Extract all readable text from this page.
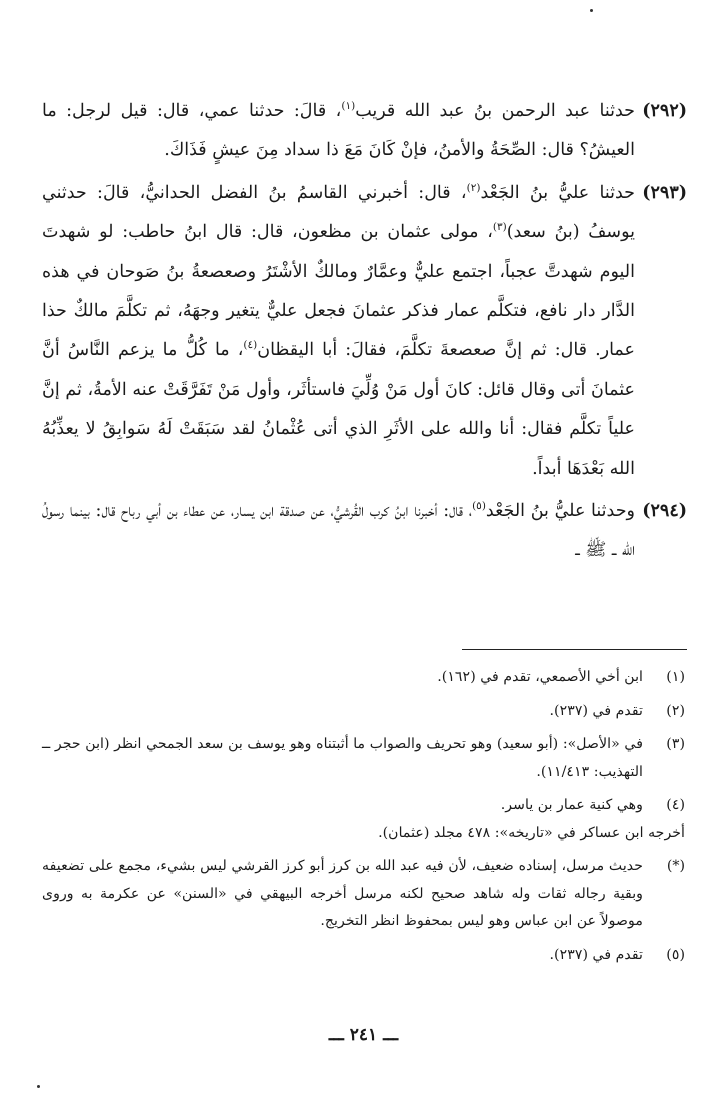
(٢٩٢)
حدثنا عبد الرحمن بنُ عبد الله قريب$^{(١)}$، قالَ: حدثنا عمي، قال: قيل لرجل: ما العيشُ؟ قال: الصِّحَةُ والأمنُ، فإنْ كَانَ مَعَ ذا سداد مِنَ عيشٍ فَذَاكَ.

(٢٩٣)
حدثنا عليُّ بنُ الجَعْد$^{(٢)}$، قال: أخبرني القاسمُ بنُ الفضل الحدانيُّ، قالَ: حدثني يوسفُ (بنُ سعد)$^{(٣)}$، مولى عثمان بن مظعون، قال: قال ابنُ حاطب: لو شهدتَ اليوم شهدتَّ عجباً، اجتمع عليٌّ وعمَّارٌ ومالكٌ الأشْتَرُ وصعصعةُ بنُ صَوحان في هذه الدَّار دار نافع، فتكلَّم عمار فذكر عثمانَ فجعل عليٌّ يتغير وجهَهُ، ثم تكلَّمَ مالكٌ حذا عمار. قال: ثم إنَّ صعصعةَ تكلَّمَ، فقالَ: أبا اليقظان$^{(٤)}$، ما كُلُّ ما يزعم النَّاسُ أنَّ عثمانَ أتى وقال قائل: كانَ أول مَنْ وُلِّيَ فاستأثَر، وأول مَنْ تَفَرَّقَتْ عنه الأمةُ، ثم إنَّ علياً تكلَّم فقال: أنا والله على الأثَرِ الذي أتى عُثْمانُ لقد سَبَقَتْ لَهُ سَوابِقُ لا يعذِّبُهُ الله بَعْدَهَا أبداً.

(٢٩٤)
وحدثنا عليُّ بنُ الجَعْد$^{(٥)}$، قال: أخبرنا ابنُ كرب القُرشيُّ، عن صدقة ابن يسار، عن عطاء بن أبي رباح قال: بينما رسولُ الله ــ ﷺ ــ

(١)
ابن أخي الأصمعي، تقدم في (١٦٢).
(٢)
تقدم في (٢٣٧).
(٣)
في «الأصل»: (أبو سعيد) وهو تحريف والصواب ما أثبتناه وهو يوسف بن سعد الجمحي انظر (ابن حجر ــ التهذيب: ١١/٤١٣).
(٤)
وهي كنية عمار بن ياسر.
أخرجه ابن عساكر في «تاريخه»: ٤٧٨ مجلد (عثمان).
(*)
حديث مرسل، إسناده ضعيف، لأن فيه عبد الله بن كرز أبو كرز القرشي ليس بشيء، مجمع على تضعيفه وبقية رجاله ثقات وله شاهد صحيح لكنه مرسل أخرجه البيهقي في «السنن» عن عكرمة به وروى موصولاً عن ابن عباس وهو ليس بمحفوظ انظر التخريج.
(٥)
تقدم في (٢٣٧).
ـــ ٢٤١ ـــ
